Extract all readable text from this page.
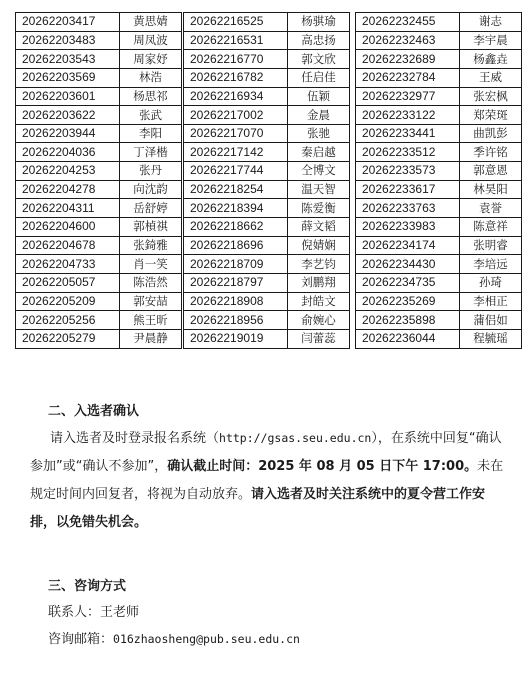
20262203417	黄思婧
20262203483	周凤波
20262203543	周家妤
20262203569	林浩
20262203601	杨思祁
20262203622	张武
20262203944	李阳
20262204036	丁泽楷
20262204253	张丹
20262204278	向沈韵
20262204311	岳舒婷
20262204600	郭楨祺
20262204678	张錡雅
20262204733	肖一笑
20262205057	陈浩然
20262205209	郭安喆
20262205256	熊王昕
20262205279	尹晨静
20262216525	杨骐瑜
20262216531	高忠扬
20262216770	郭文欣
20262216782	任启佳
20262216934	伍颖
20262217002	金晨
20262217070	张驰
20262217142	秦启越
20262217744	仝博文
20262218254	温天智
20262218394	陈爱衡
20262218662	薛文韬
20262218696	倪婧娴
20262218709	李艺钧
20262218797	刘鹏翔
20262218908	封皓文
20262218956	俞婉心
20262219019	闫蕾蕊
20262232455	谢志
20262232463	李宇晨
20262232689	杨鑫垚
20262232784	王威
20262232977	张宏枫
20262233122	郑荣斑
20262233441	曲凯彭
20262233512	季许铭
20262233573	郭意恩
20262233617	林昊阳
20262233763	袁誉
20262233983	陈意祥
20262234174	张明睿
20262234430	李培远
20262234735	孙琦
20262235269	李相正
20262235898	蒲侣如
20262236044	程毓瑶
二、入选者确认
请入选者及时登录报名系统（http://gsas.seu.edu.cn），在系统中回复“确认参加”或“确认不参加”，确认截止时间：2025 年 08 月 05 日下午 17:00。未在规定时间内回复者，将视为自动放弃。请入选者及时关注系统中的夏令营工作安排，以免错失机会。
三、咨询方式
联系人：王老师
咨询邮箱：016zhaosheng@pub.seu.edu.cn
